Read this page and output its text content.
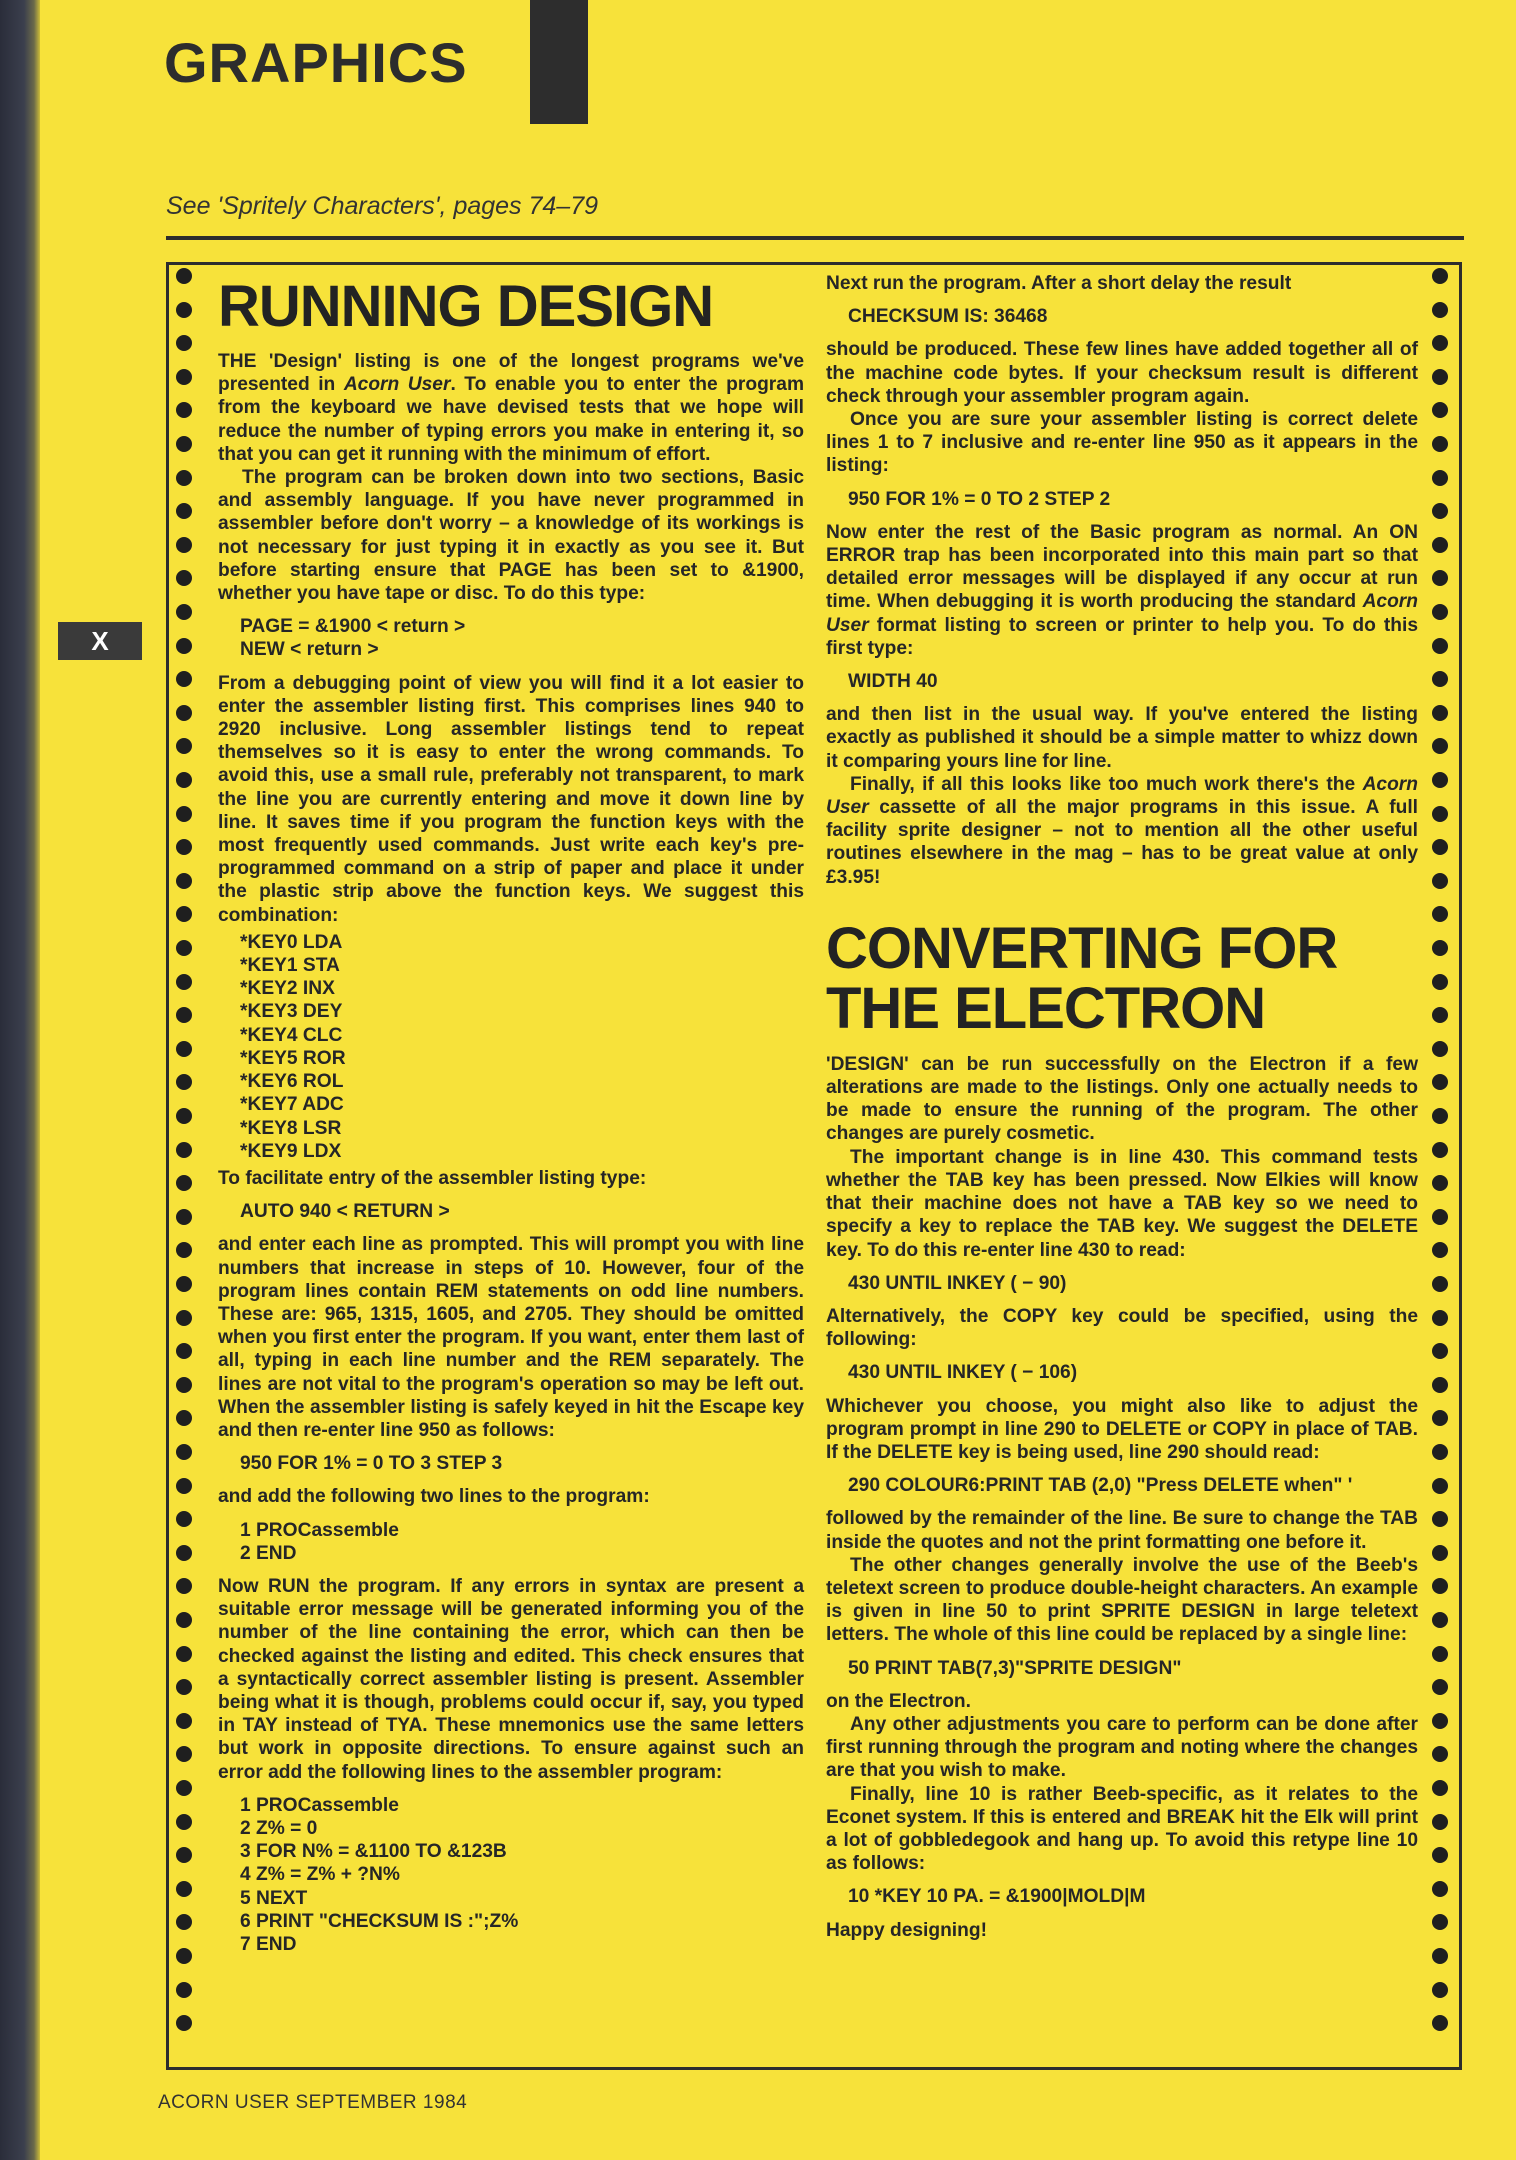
GRAPHICS
See 'Spritely Characters', pages 74–79
X
RUNNING DESIGN

THE 'Design' listing is one of the longest programs we've presented in Acorn User. To enable you to enter the program from the keyboard we have devised tests that we hope will reduce the number of typing errors you make in entering it, so that you can get it running with the minimum of effort.

The program can be broken down into two sections, Basic and assembly language. If you have never programmed in assembler before don't worry – a knowledge of its workings is not necessary for just typing it in exactly as you see it. But before starting ensure that PAGE has been set to &1900, whether you have tape or disc. To do this type:

PAGE = &1900 < return >
NEW < return >

From a debugging point of view you will find it a lot easier to enter the assembler listing first. This comprises lines 940 to 2920 inclusive. Long assembler listings tend to repeat themselves so it is easy to enter the wrong commands. To avoid this, use a small rule, preferably not transparent, to mark the line you are currently entering and move it down line by line. It saves time if you program the function keys with the most frequently used commands. Just write each key's pre-programmed command on a strip of paper and place it under the plastic strip above the function keys. We suggest this combination:

*KEY0 LDA
*KEY1 STA
*KEY2 INX
*KEY3 DEY
*KEY4 CLC
*KEY5 ROR
*KEY6 ROL
*KEY7 ADC
*KEY8 LSR
*KEY9 LDX

To facilitate entry of the assembler listing type:

AUTO 940 < RETURN >

and enter each line as prompted. This will prompt you with line numbers that increase in steps of 10. However, four of the program lines contain REM statements on odd line numbers. These are: 965, 1315, 1605, and 2705. They should be omitted when you first enter the program. If you want, enter them last of all, typing in each line number and the REM separately. The lines are not vital to the program's operation so may be left out. When the assembler listing is safely keyed in hit the Escape key and then re-enter line 950 as follows:

950 FOR 1% = 0 TO 3 STEP 3

and add the following two lines to the program:

1 PROCassemble
2 END

Now RUN the program. If any errors in syntax are present a suitable error message will be generated informing you of the number of the line containing the error, which can then be checked against the listing and edited. This check ensures that a syntactically correct assembler listing is present. Assembler being what it is though, problems could occur if, say, you typed in TAY instead of TYA. These mnemonics use the same letters but work in opposite directions. To ensure against such an error add the following lines to the assembler program:

1 PROCassemble
2 Z% = 0
3 FOR N% = &1100 TO &123B
4 Z% = Z% + ?N%
5 NEXT
6 PRINT "CHECKSUM IS :";Z%
7 END

Next run the program. After a short delay the result

CHECKSUM IS: 36468

should be produced. These few lines have added together all of the machine code bytes. If your checksum result is different check through your assembler program again.

Once you are sure your assembler listing is correct delete lines 1 to 7 inclusive and re-enter line 950 as it appears in the listing:

950 FOR 1% = 0 TO 2 STEP 2

Now enter the rest of the Basic program as normal. An ON ERROR trap has been incorporated into this main part so that detailed error messages will be displayed if any occur at run time. When debugging it is worth producing the standard Acorn User format listing to screen or printer to help you. To do this first type:

WIDTH 40

and then list in the usual way. If you've entered the listing exactly as published it should be a simple matter to whizz down it comparing yours line for line.

Finally, if all this looks like too much work there's the Acorn User cassette of all the major programs in this issue. A full facility sprite designer – not to mention all the other useful routines elsewhere in the mag – has to be great value at only £3.95!

CONVERTING FOR THE ELECTRON

'DESIGN' can be run successfully on the Electron if a few alterations are made to the listings. Only one actually needs to be made to ensure the running of the program. The other changes are purely cosmetic.

The important change is in line 430. This command tests whether the TAB key has been pressed. Now Elkies will know that their machine does not have a TAB key so we need to specify a key to replace the TAB key. We suggest the DELETE key. To do this re-enter line 430 to read:

430 UNTIL INKEY ( − 90)

Alternatively, the COPY key could be specified, using the following:

430 UNTIL INKEY ( − 106)

Whichever you choose, you might also like to adjust the program prompt in line 290 to DELETE or COPY in place of TAB. If the DELETE key is being used, line 290 should read:

290 COLOUR6:PRINT TAB (2,0) "Press DELETE when" '

followed by the remainder of the line. Be sure to change the TAB inside the quotes and not the print formatting one before it.

The other changes generally involve the use of the Beeb's teletext screen to produce double-height characters. An example is given in line 50 to print SPRITE DESIGN in large teletext letters. The whole of this line could be replaced by a single line:

50 PRINT TAB(7,3)"SPRITE DESIGN"

on the Electron.

Any other adjustments you care to perform can be done after first running through the program and noting where the changes are that you wish to make.

Finally, line 10 is rather Beeb-specific, as it relates to the Econet system. If this is entered and BREAK hit the Elk will print a lot of gobbledegook and hang up. To avoid this retype line 10 as follows:

10 *KEY 10 PA. = &1900|MOLD|M

Happy designing!

ACORN USER SEPTEMBER 1984
